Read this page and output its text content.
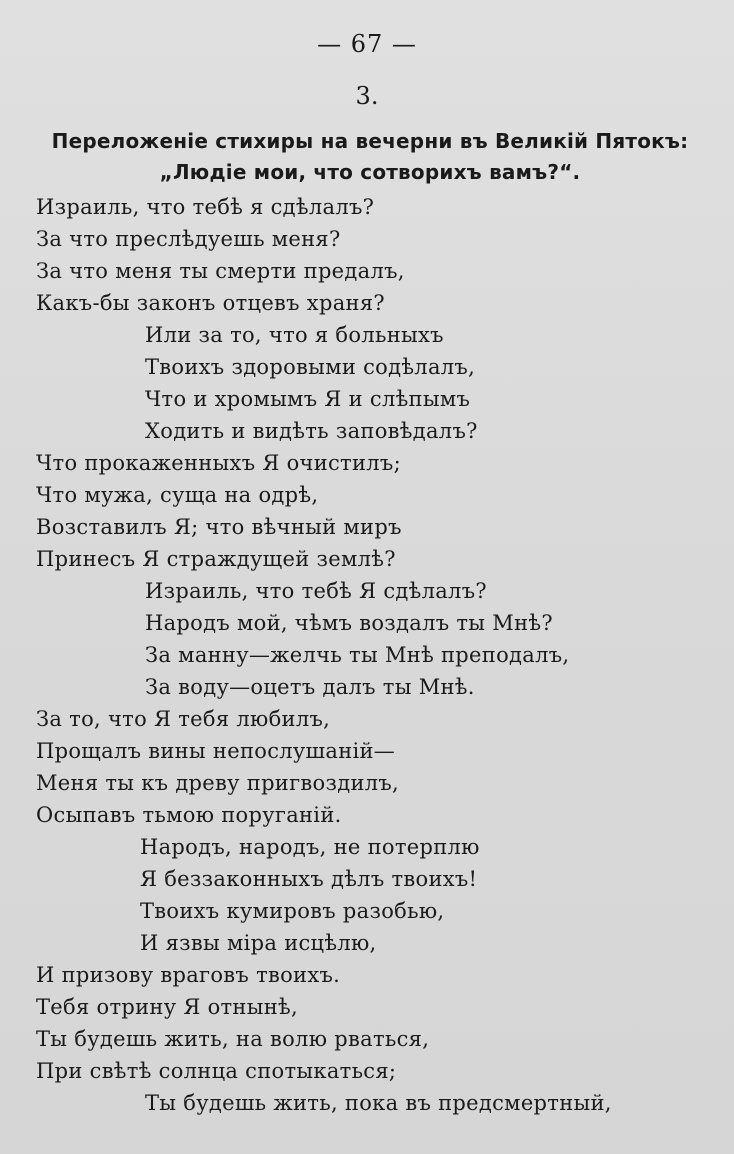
— 67 —
3.
Переложеніе стихиры на вечерни въ Великій Пятокъ: „Людіе мои, что сотворихъ вамъ?“.
Израиль, что тебѣ я сдѣлалъ?
За что преслѣдуешь меня?
За что меня ты смерти предалъ,
Какъ-бы законъ отцевъ храня?
Или за то, что я больныхъ
Твоихъ здоровыми содѣлалъ,
Что и хромымъ Я и слѣпымъ
Ходить и видѣть заповѣдалъ?
Что прокаженныхъ Я очистилъ;
Что мужа, суща на одрѣ,
Возставилъ Я; что вѣчный миръ
Принесъ Я страждущей землѣ?
Израиль, что тебѣ Я сдѣлалъ?
Народъ мой, чѣмъ воздалъ ты Мнѣ?
За манну—желчь ты Мнѣ преподалъ,
За воду—оцетъ далъ ты Мнѣ.
За то, что Я тебя любилъ,
Прощалъ вины непослушаній—
Меня ты къ древу пригвоздилъ,
Осыпавъ тьмою поруганій.
Народъ, народъ, не потерплю
Я беззаконныхъ дѣлъ твоихъ!
Твоихъ кумировъ разобью,
И язвы міра исцѣлю,
И призову враговъ твоихъ.
Тебя отрину Я отнынѣ,
Ты будешь жить, на волю рваться,
При свѣтѣ солнца спотыкаться;
Ты будешь жить, пока въ предсмертный,
